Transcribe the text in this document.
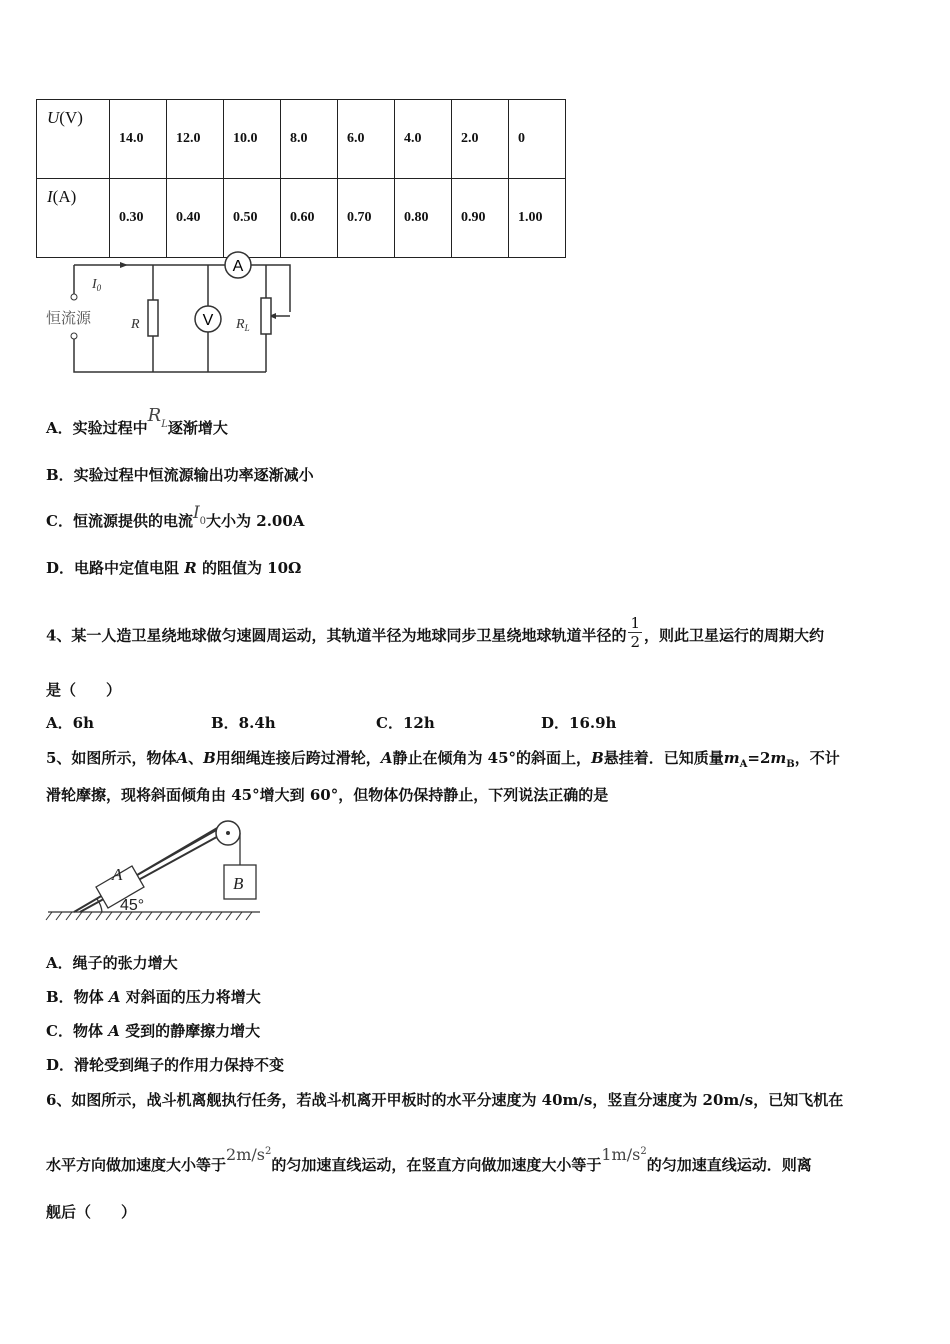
U(V)	14.0	12.0	10.0	8.0	6.0	4.0	2.0	0
I(A)	0.30	0.40	0.50	0.60	0.70	0.80	0.90	1.00
A
V
$I_0$
恒流源	R	$R_L$
A．实验过程中$R_L$逐渐增大
B．实验过程中恒流源输出功率逐渐减小
C．恒流源提供的电流$I_0$大小为 2.00A
D．电路中定值电阻 R 的阻值为 10Ω
4、某一人造卫星绕地球做匀速圆周运动，其轨道半径为地球同步卫星绕地球轨道半径的 $\frac{1}{2}$ ，则此卫星运行的周期大约
是（　　）
A．6h	B．8.4h	C．12h	D．16.9h
5、如图所示，物体A、B用细绳连接后跨过滑轮，A静止在倾角为 45°的斜面上，B悬挂着．已知质量$m_A=2m_B$，不计
滑轮摩擦，现将斜面倾角由 45°增大到 60°，但物体仍保持静止，下列说法正确的是
A	B
45°
A．绳子的张力增大
B．物体 A 对斜面的压力将增大
C．物体 A 受到的静摩擦力增大
D．滑轮受到绳子的作用力保持不变
6、如图所示，战斗机离舰执行任务，若战斗机离开甲板时的水平分速度为 40m/s，竖直分速度为 20m/s，已知飞机在
水平方向做加速度大小等于$2m/s^2$的匀加速直线运动，在竖直方向做加速度大小等于$1m/s^2$的匀加速直线运动．则离
舰后（　　）
